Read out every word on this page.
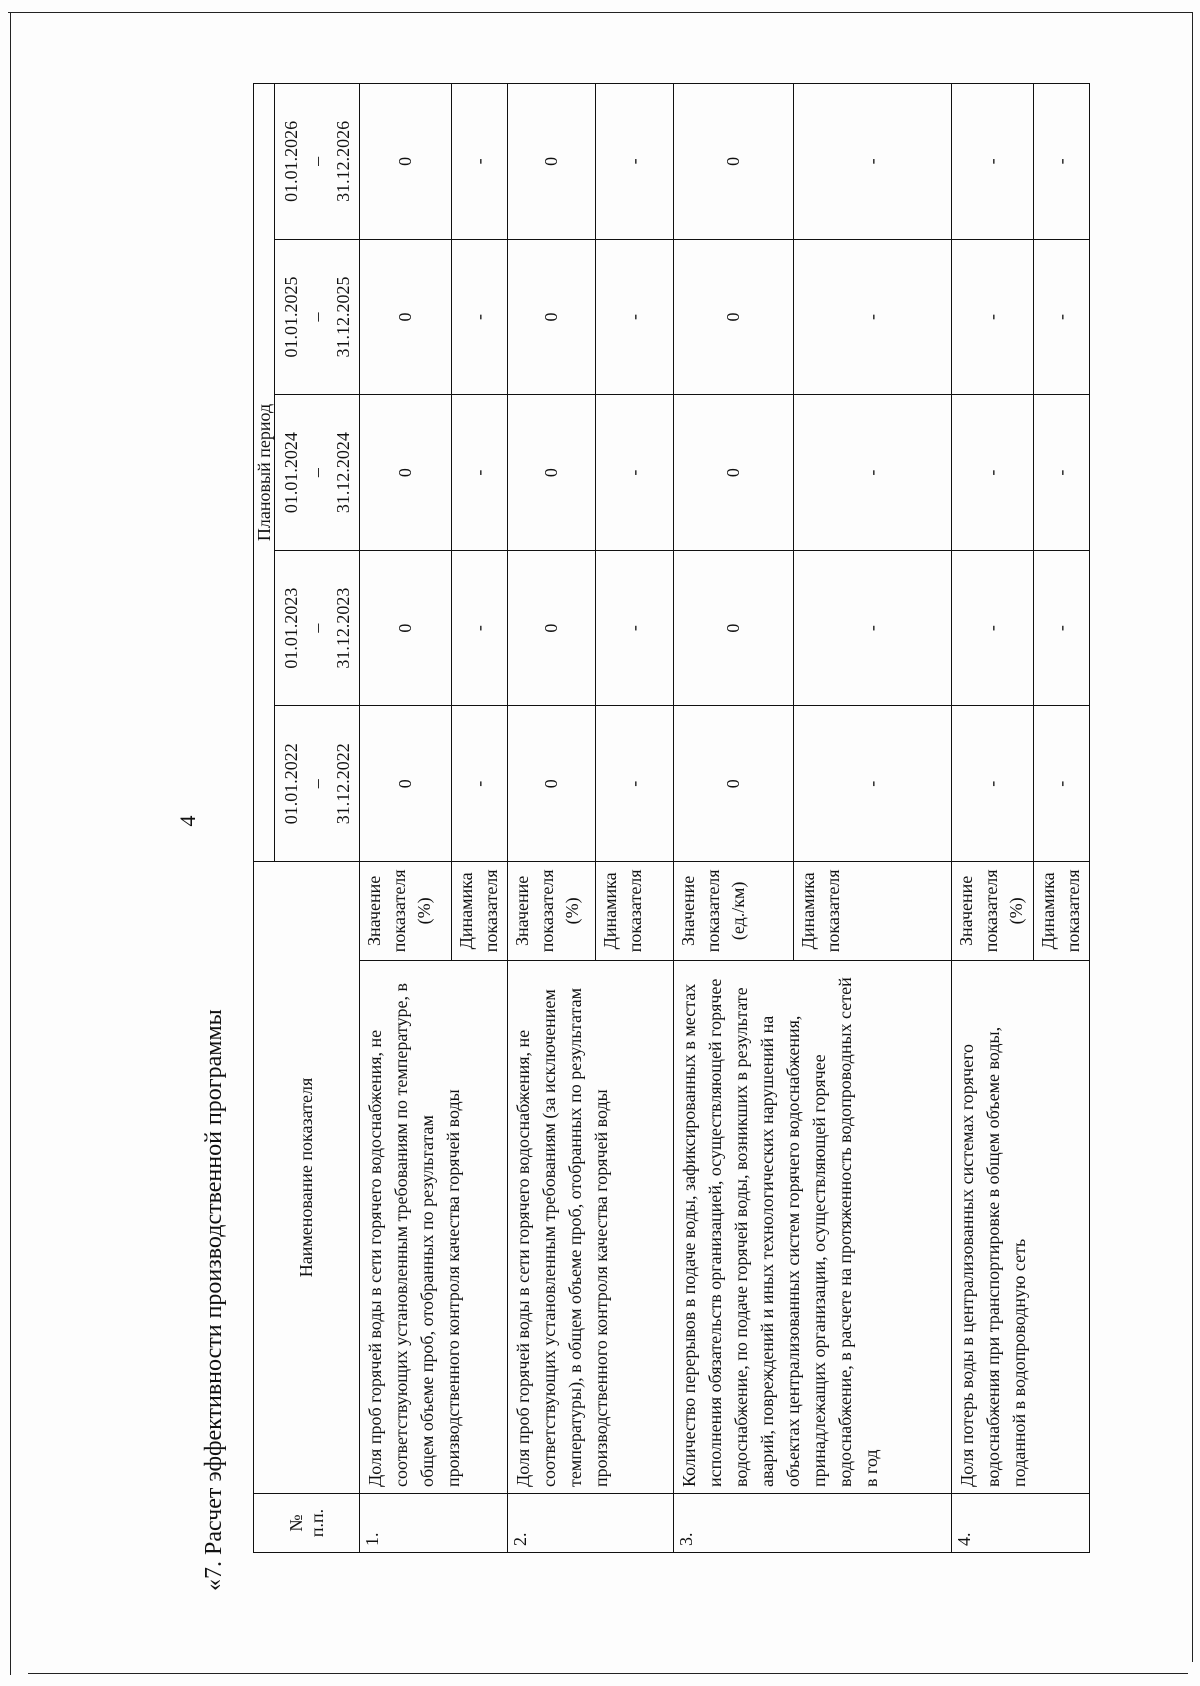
4
«7. Расчет эффективности производственной программы	№ п.п.	Наименование показателя		Плановый период				

			01.01.2022 – 31.12.2022	01.01.2023 – 31.12.2023	01.01.2024 – 31.12.2024	01.01.2025 – 31.12.2025	01.01.2026 – 31.12.2026

1.	Доля проб горячей воды в сети горячего водоснабжения, не соответствующих установленным требованиям по температуре, в общем объеме проб, отобранных по результатам производственного контроля качества горячей воды	Значение показателя (%)	0	0	0	0	0
		Динамика показателя	-	-	-	-	-
2.	Доля проб горячей воды в сети горячего водоснабжения, не соответствующих установленным требованиям (за исключением температуры), в общем объеме проб, отобранных по результатам производственного контроля качества горячей воды	Значение показателя (%)	0	0	0	0	0
		Динамика показателя	-	-	-	-	-
3.	Количество перерывов в подаче воды, зафиксированных в местах исполнения обязательств организацией, осуществляющей горячее водоснабжение, по подаче горячей воды, возникших в результате аварий, повреждений и иных технологических нарушений на объектах централизованных систем горячего водоснабжения, принадлежащих организации, осуществляющей горячее водоснабжение, в расчете на протяженность водопроводных сетей в год	Значение показателя (ед./км)	0	0	0	0	0
		Динамика показателя	-	-	-	-	-
4.	Доля потерь воды в централизованных системах горячего водоснабжения при транспортировке в общем объеме воды, поданной в водопроводную сеть	Значение показателя (%)	-	-	-	-	-
		Динамика показателя	-	-	-	-	-
